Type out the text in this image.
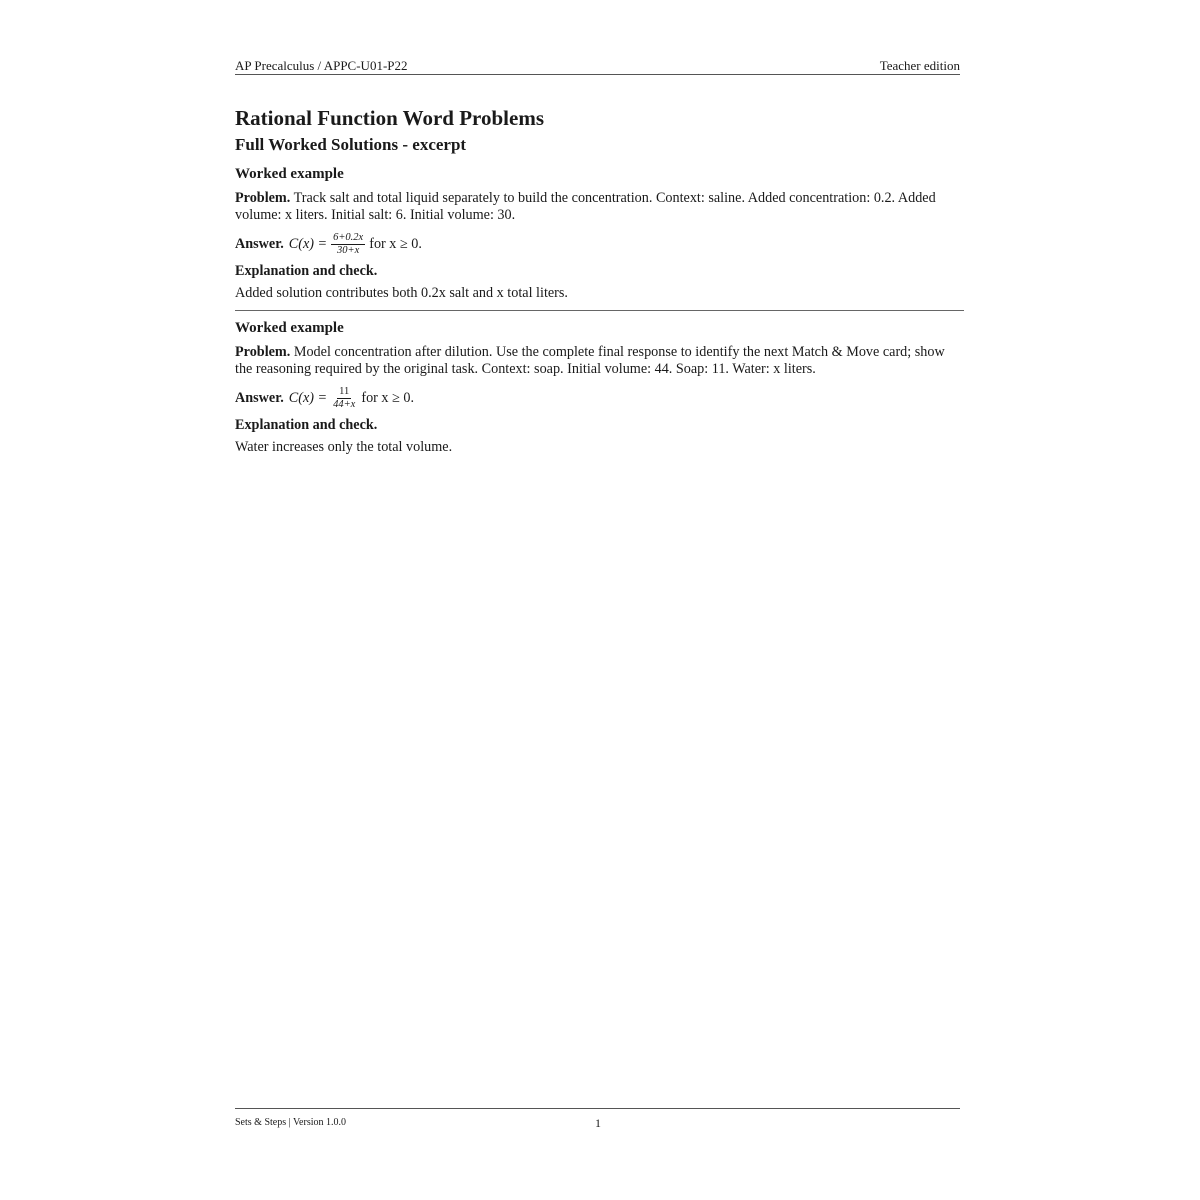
AP Precalculus / APPC-U01-P22	Teacher edition
Rational Function Word Problems
Full Worked Solutions - excerpt
Worked example

Problem. Track salt and total liquid separately to build the concentration. Context: saline. Added concentration: 0.2. Added volume: x liters. Initial salt: 6. Initial volume: 30.

Answer. $C(x) = \frac{6+0.2x}{30+x}$ for x ≥ 0.
Explanation and check.

Added solution contributes both 0.2x salt and x total liters.

Worked example

Problem. Model concentration after dilution. Use the complete final response to identify the next Match & Move card; show the reasoning required by the original task. Context: soap. Initial volume: 44. Soap: 11. Water: x liters.

Answer. $C(x) = \frac{11}{44+x}$ for x ≥ 0.
Explanation and check.

Water increases only the total volume.

Sets & Steps | Version 1.0.0	1
